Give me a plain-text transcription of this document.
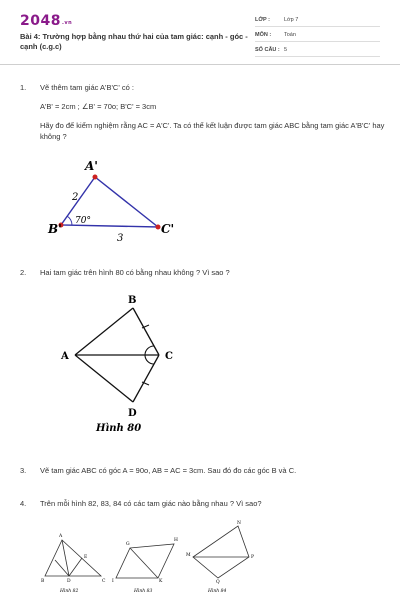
2048.vn
Bài 4: Trường hợp bằng nhau thứ hai của tam giác: cạnh - góc - cạnh (c.g.c)
LỚP :	Lớp 7
MÔN : Toán
SỐ CÂU : 5
1. Vẽ thêm tam giác A'B'C' có :

A'B' = 2cm ; ∠B' = 70o; B'C' = 3cm

Hãy đo để kiểm nghiệm rằng AC = A'C'. Ta có thể kết luận được tam giác ABC bằng tam giác A'B'C' hay không ?

A'
B'	C'
2
3
70°
2. Hai tam giác trên hình 80 có bằng nhau không ? Vì sao ?

B
A	C
D
Hình 80
3. Vẽ tam giác ABC có góc A = 90o, AB = AC = 3cm. Sau đó đo các góc B và C.

4. Trên mỗi hình 82, 83, 84 có các tam giác nào bằng nhau ? Vì sao?

A
B	C
D
E
Hình 82
G
H
I	K
Hình 83
M
N
P
Q
Hình 84
